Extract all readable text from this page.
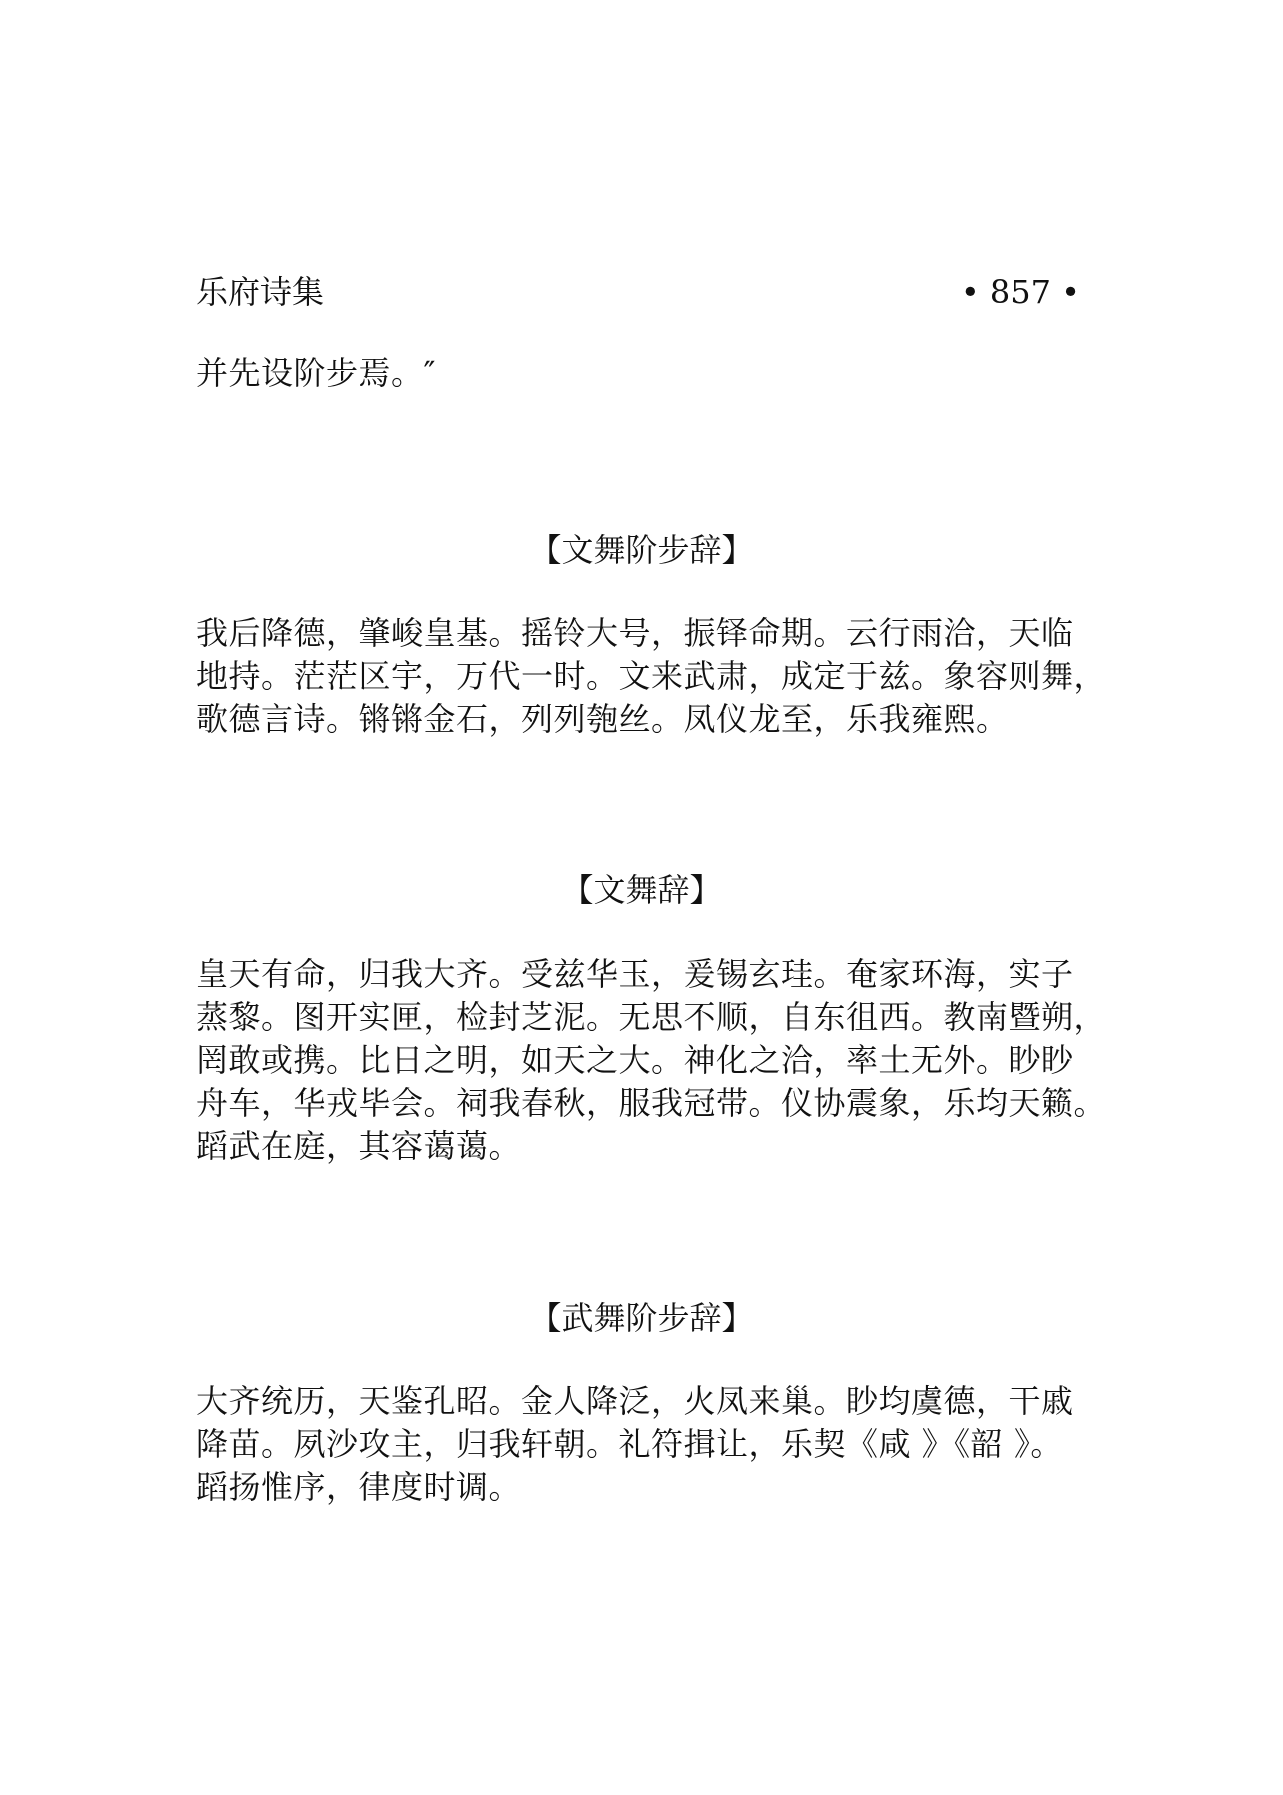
乐府诗集	• 857 •
并先设阶步焉。″
【文舞阶步辞】
我后降德，肇峻皇基。摇铃大号，振铎命期。云行雨洽，天临
地持。茫茫区宇，万代一时。文来武肃，成定于兹。象容则舞，
歌德言诗。锵锵金石，列列匏丝。凤仪龙至，乐我雍熙。
【文舞辞】
皇天有命，归我大齐。受兹华玉，爰锡玄珪。奄家环海，实子
蒸黎。图开实匣，检封芝泥。无思不顺，自东徂西。教南暨朔，
罔敢或携。比日之明，如天之大。神化之洽，率土无外。眇眇
舟车，华戎毕会。祠我春秋，服我冠带。仪协震象，乐均天籁。
蹈武在庭，其容蔼蔼。
【武舞阶步辞】
大齐统历，天鉴孔昭。金人降泛，火凤来巢。眇均虞德，干戚
降苗。夙沙攻主，归我轩朝。礼符揖让，乐契《咸 》《韶 》。
蹈扬惟序，律度时调。
